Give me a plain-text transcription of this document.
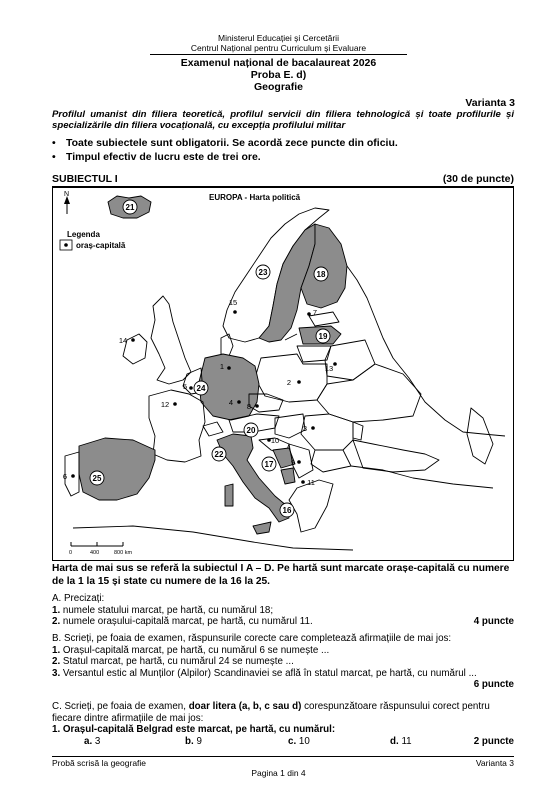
Ministerul Educației și Cercetării
Centrul Național pentru Curriculum și Evaluare
Examenul național de bacalaureat 2026
Proba E. d)
Geografie
Varianta 3
Profilul umanist din filiera teoretică, profilul servicii din filiera tehnologică și toate profilurile și specializările din filiera vocațională, cu excepția profilului militar
• Toate subiectele sunt obligatorii. Se acordă zece puncte din oficiu.
• Timpul efectiv de lucru este de trei ore.
SUBIECTUL I	(30 de puncte)
N	EUROPA - Harta politică
Legenda
oraș-capitală
0	400	800 km
16
17
18
19
20
21
22
23
24
25
1
2
3
4
5
6
7
8
9
10
11
12
13
14
15
Harta de mai sus se referă la subiectul I A – D. Pe hartă sunt marcate orașe-capitală cu numere de la 1 la 15 și state cu numere de la 16 la 25.
A. Precizați:
1. numele statului marcat, pe hartă, cu numărul 18;
2. numele orașului-capitală marcat, pe hartă, cu numărul 11.	4 puncte
B. Scrieți, pe foaia de examen, răspunsurile corecte care completează afirmațiile de mai jos:
1. Orașul-capitală marcat, pe hartă, cu numărul 6 se numește ...
2. Statul marcat, pe hartă, cu numărul 24 se numește ...
3. Versantul estic al Munților (Alpilor) Scandinaviei se află în statul marcat, pe hartă, cu numărul ...
6 puncte
C. Scrieți, pe foaia de examen, doar litera (a, b, c sau d) corespunzătoare răspunsului corect pentru fiecare dintre afirmațiile de mai jos:
1. Orașul-capitală Belgrad este marcat, pe hartă, cu numărul:
a. 3	b. 9	c. 10	d. 11	2 puncte
Probă scrisă la geografie	Varianta 3
Pagina 1 din 4
